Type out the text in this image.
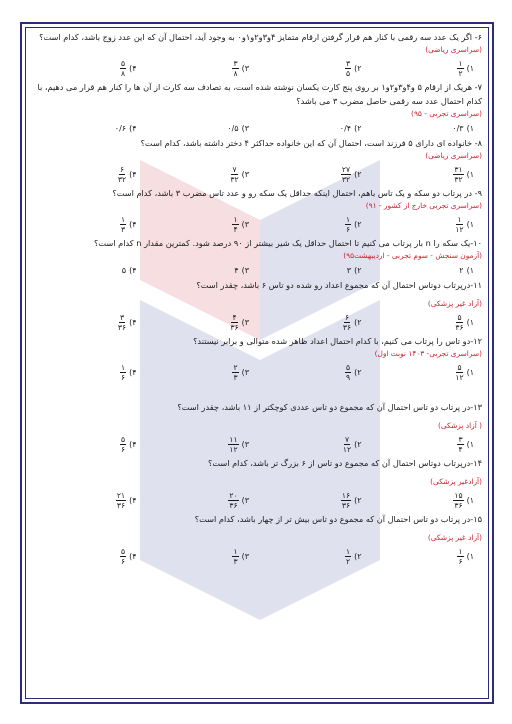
۶- اگر یک عدد سه رقمی با کنار هم قرار گرفتن ارقام متمایز ۴و۳و۲و۱و۰ به وجود آید، احتمال آن که این عدد زوج باشد، کدام است؟
(سراسری ریاضی)
۱)
$\frac{۱}{۲}$
۲)
$\frac{۳}{۵}$
۳)
$\frac{۳}{۸}$
۴)
$\frac{۵}{۸}$
۷- هریک از ارقام ۵ و۴و۳و۲و۱ بر روی پنج کارت یکسان نوشته شده است، به تصادف سه کارت از آن ها را کنار هم قرار می دهیم، با کدام احتمال عدد سه رقمی حاصل مضرب ۳ می باشد؟
(سراسری تجربی - ۹۵)
۱)
۰/۳
۲)
۰/۴
۳)
۰/۵
۴)
۰/۶
۸- خانواده ای دارای ۵ فرزند است، احتمال آن که این خانواده حداکثر ۴ دختر داشته باشد، کدام است؟
(سراسری ریاضی)
۱)
$\frac{۳۱}{۳۲}$
۲)
$\frac{۲۷}{۳۲}$
۳)
$\frac{۷}{۳۲}$
۴)
$\frac{۶}{۳۲}$
۹- در پرتاب دو سکه و یک تاس باهم، احتمال اینکه حداقل یک سکه رو و عدد تاس مضرب ۳ باشد، کدام است؟
(سراسری تجربی خارج از کشور - ۹۱)
۱)
$\frac{۱}{۱۲}$
۲)
$\frac{۱}{۶}$
۳)
$\frac{۱}{۴}$
۴)
$\frac{۱}{۳}$
۱۰-یک سکه را n بار پرتاب می کنیم تا احتمال حداقل یک شیر بیشتر از ۹۰ درصد شود. کمترین مقدار n کدام است؟
(آزمون سنجش - سوم تجربی - اردیبهشت۹۵)
۱)
۲
۲)
۳
۳)
۴
۴)
۵
۱۱-درپرتاب دوتاس احتمال آن که مجموع اعداد رو شده دو تاس ۶ باشد، چقدر است؟
(آزاد غیر پزشکی)
۱)
$\frac{۵}{۳۶}$
۲)
$\frac{۶}{۳۶}$
۳)
$\frac{۴}{۳۶}$
۴)
$\frac{۳}{۳۶}$
۱۲-دو تاس را پرتاب می کنیم، با کدام احتمال اعداد ظاهر شده متوالی و برابر نیستند؟
(سراسری تجربی- ۱۴۰۳ نوبت اول)
۱)
$\frac{۵}{۱۲}$
۲)
$\frac{۵}{۹}$
۳)
$\frac{۲}{۳}$
۴)
$\frac{۱}{۶}$
۱۳-در پرتاب دو تاس احتمال آن که مجموع دو تاس عددی کوچکتر از ۱۱ باشد، چقدر است؟
( آزاد پزشکی)
۱)
$\frac{۳}{۴}$
۲)
$\frac{۷}{۱۲}$
۳)
$\frac{۱۱}{۱۲}$
۴)
$\frac{۵}{۶}$
۱۴-درپرتاب دوتاس احتمال آن که مجموع دو تاس از ۶ بزرگ تر باشد، کدام است؟
(آزادغیر پزشکی)
۱)
$\frac{۱۵}{۳۶}$
۲)
$\frac{۱۶}{۳۶}$
۳)
$\frac{۲۰}{۳۶}$
۴)
$\frac{۲۱}{۳۶}$
۱۵-در پرتاب دو تاس احتمال آن که مجموع دو تاس بیش تر از چهار باشد، کدام است؟
(آزاد غیر پزشکی)
۱)
$\frac{۱}{۶}$
۲)
$\frac{۱}{۲}$
۳)
$\frac{۱}{۳}$
۴)
$\frac{۵}{۶}$
